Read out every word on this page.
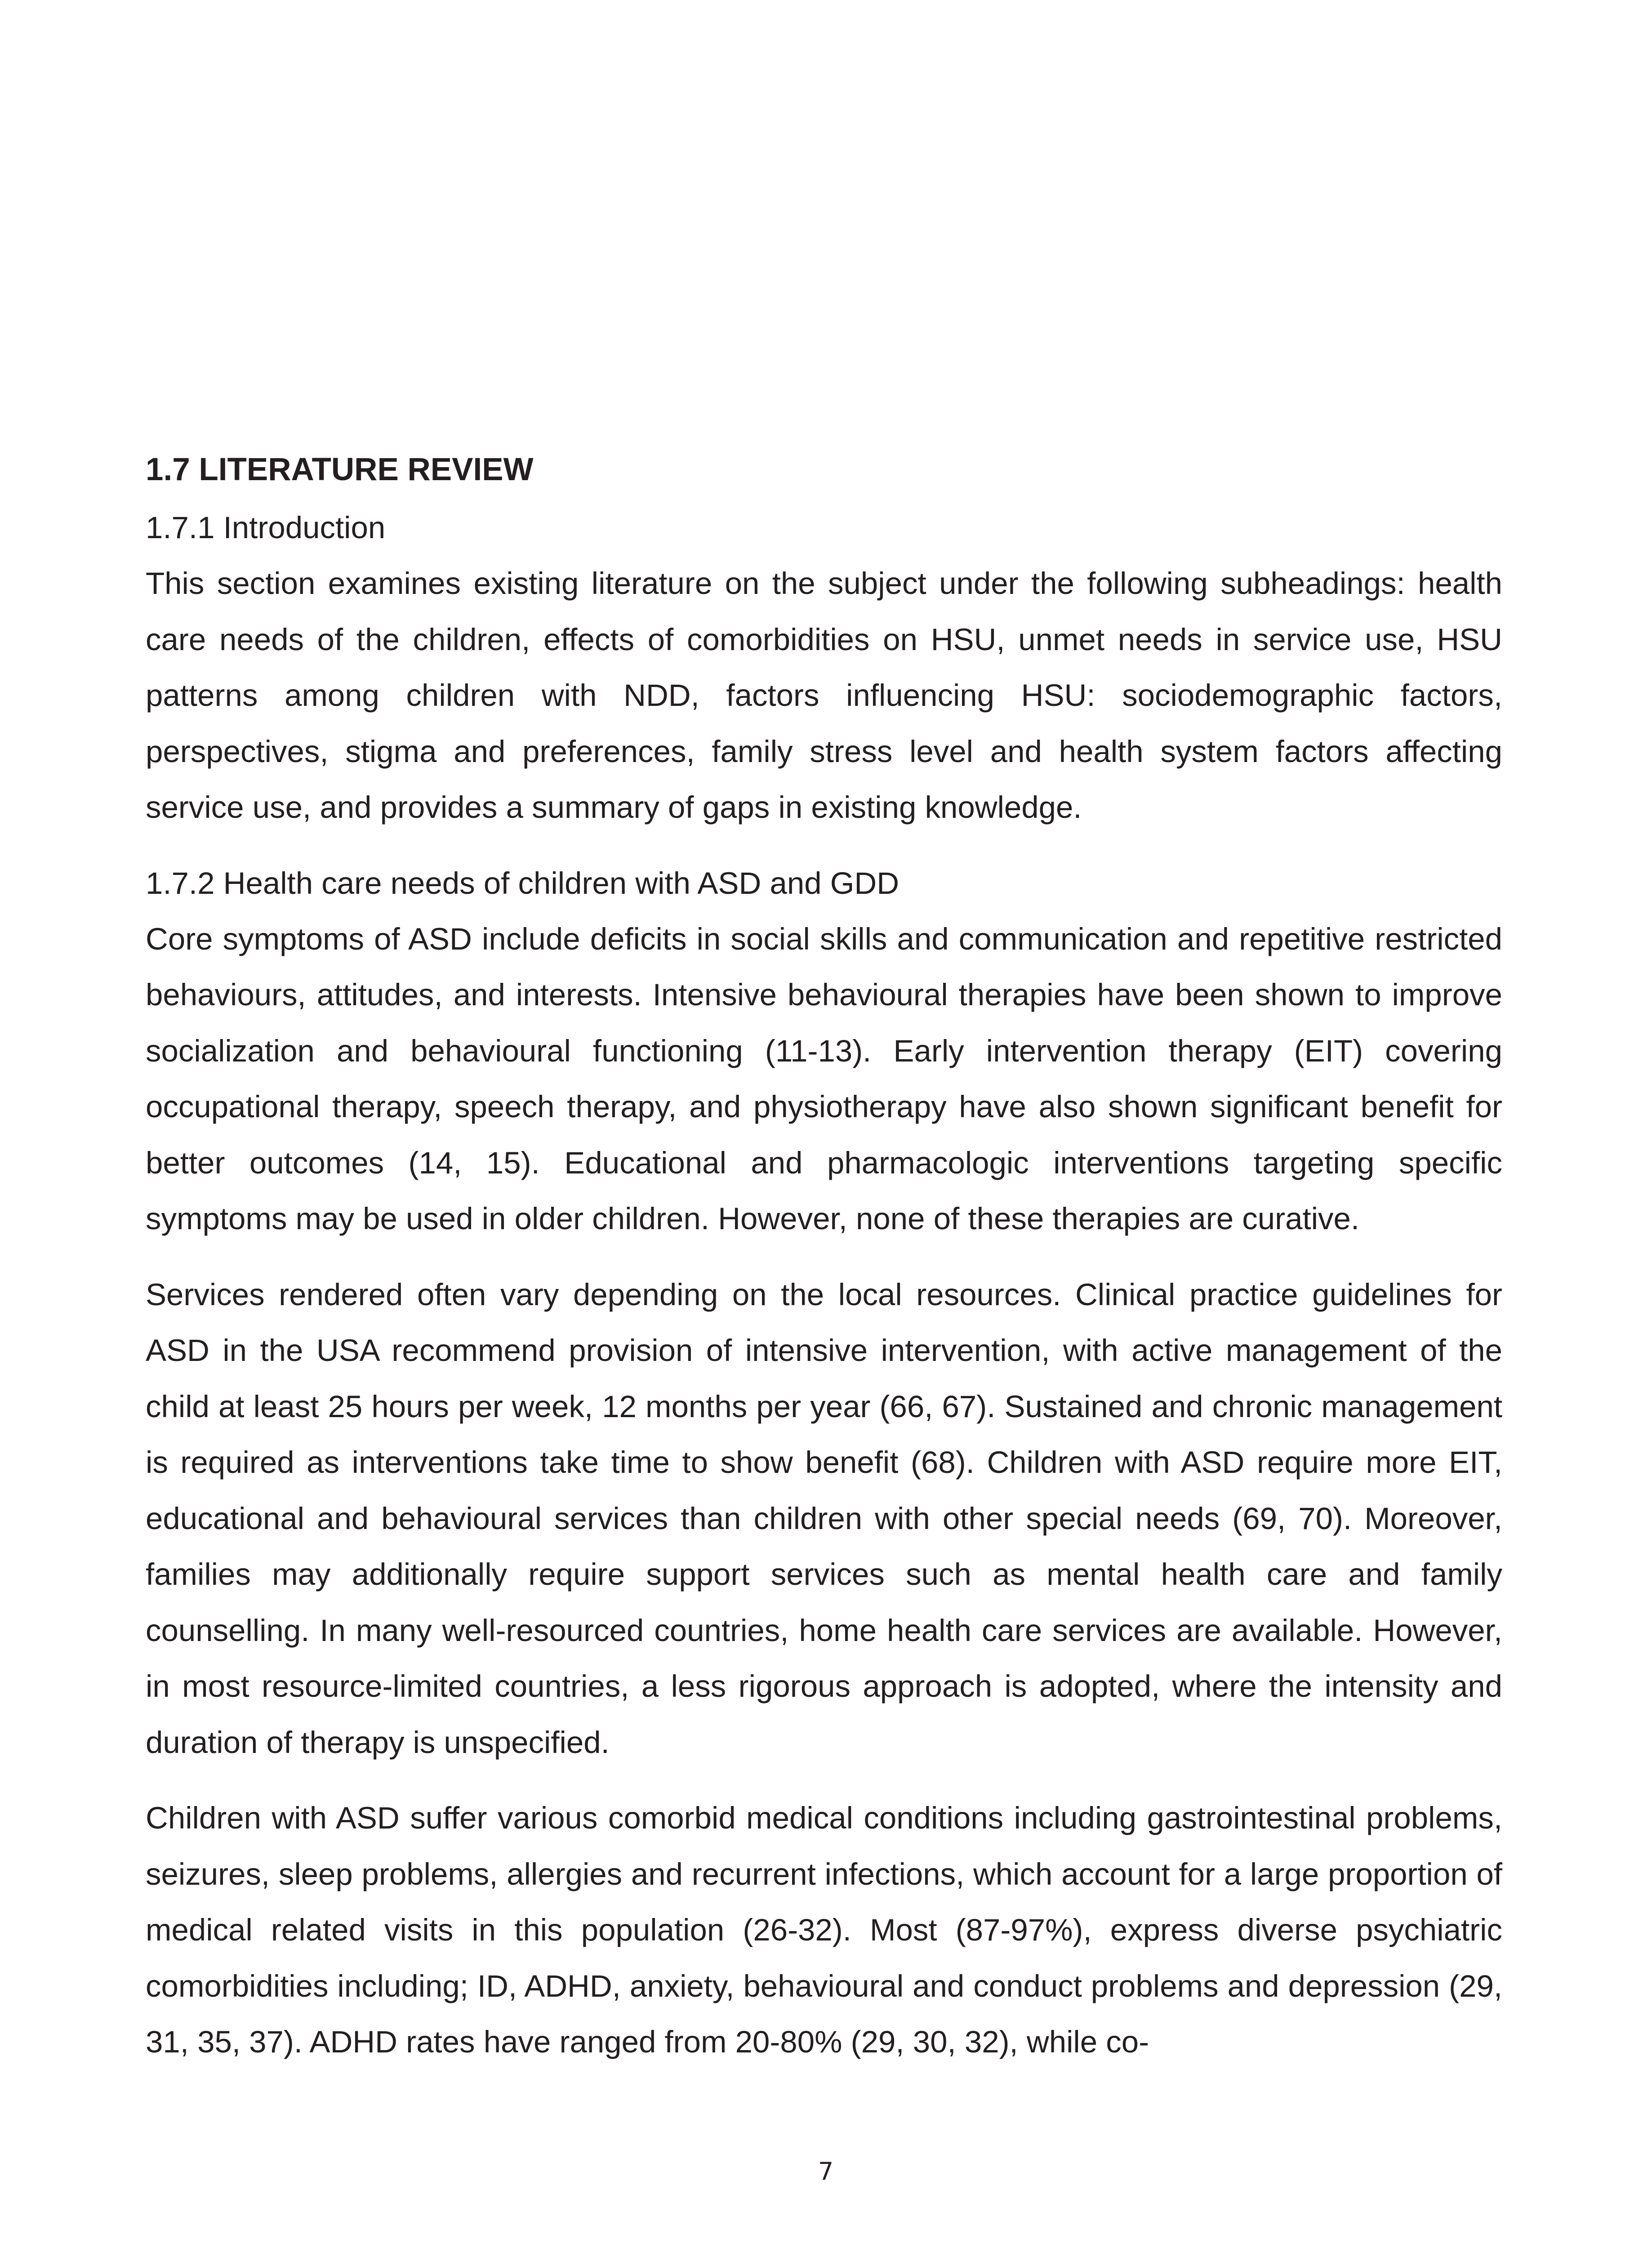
1.7 LITERATURE REVIEW
1.7.1 Introduction

This section examines existing literature on the subject under the following subheadings: health care needs of the children, effects of comorbidities on HSU, unmet needs in service use, HSU patterns among children with NDD, factors influencing HSU: sociodemographic factors, perspectives, stigma and preferences, family stress level and health system factors affecting service use, and provides a summary of gaps in existing knowledge.

1.7.2 Health care needs of children with ASD and GDD

Core symptoms of ASD include deficits in social skills and communication and repetitive restricted behaviours, attitudes, and interests. Intensive behavioural therapies have been shown to improve socialization and behavioural functioning (11-13). Early intervention therapy (EIT) covering occupational therapy, speech therapy, and physiotherapy have also shown significant benefit for better outcomes (14, 15). Educational and pharmacologic interventions targeting specific symptoms may be used in older children. However, none of these therapies are curative.

Services rendered often vary depending on the local resources. Clinical practice guidelines for ASD in the USA recommend provision of intensive intervention, with active management of the child at least 25 hours per week, 12 months per year (66, 67). Sustained and chronic management is required as interventions take time to show benefit (68). Children with ASD require more EIT, educational and behavioural services than children with other special needs (69, 70). Moreover, families may additionally require support services such as mental health care and family counselling. In many well-resourced countries, home health care services are available. However, in most resource-limited countries, a less rigorous approach is adopted, where the intensity and duration of therapy is unspecified.

Children with ASD suffer various comorbid medical conditions including gastrointestinal problems, seizures, sleep problems, allergies and recurrent infections, which account for a large proportion of medical related visits in this population (26-32). Most (87-97%), express diverse psychiatric comorbidities including; ID, ADHD, anxiety, behavioural and conduct problems and depression (29, 31, 35, 37). ADHD rates have ranged from 20-80% (29, 30, 32), while co-

7
